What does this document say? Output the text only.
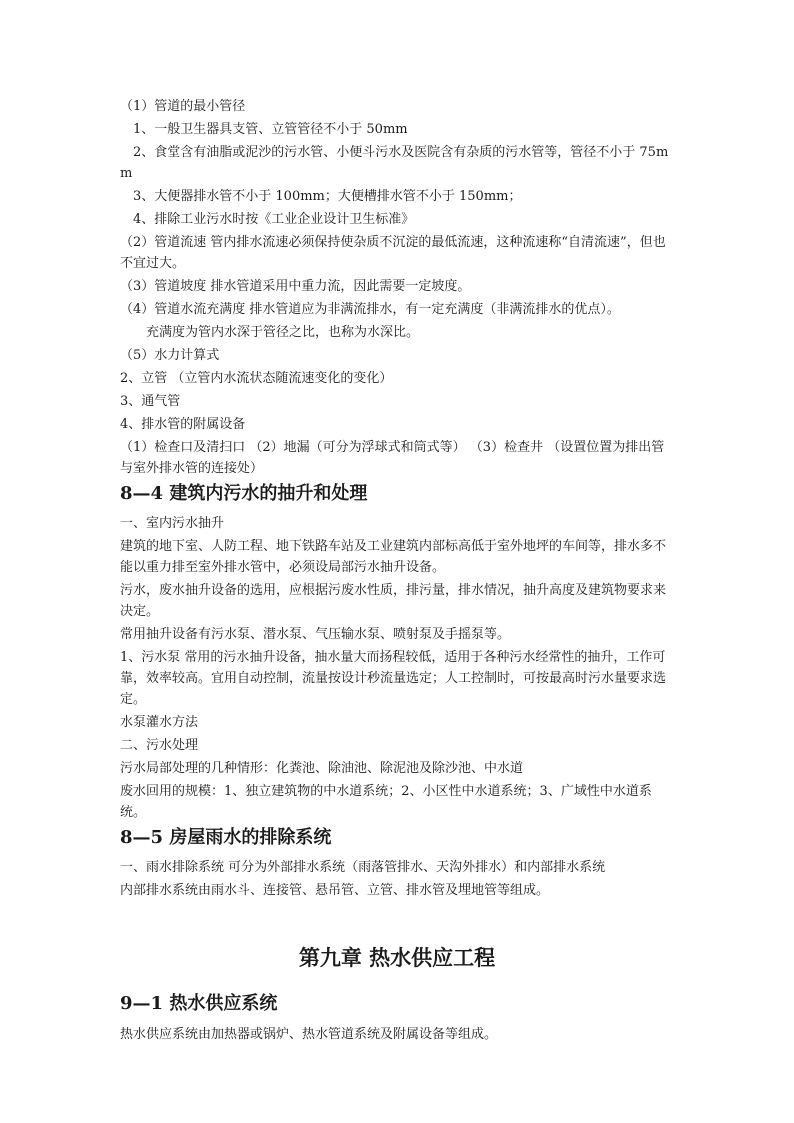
（1）管道的最小管径

1、一般卫生器具支管、立管管径不小于 50mm

2、食堂含有油脂或泥沙的污水管、小便斗污水及医院含有杂质的污水管等，管径不小于 75mm

3、大便器排水管不小于 100mm；大便槽排水管不小于 150mm；

4、排除工业污水时按《工业企业设计卫生标准》

（2）管道流速 管内排水流速必须保持使杂质不沉淀的最低流速，这种流速称“自清流速”，但也不宜过大。

（3）管道坡度 排水管道采用中重力流，因此需要一定坡度。

（4）管道水流充满度 排水管道应为非满流排水，有一定充满度（非满流排水的优点）。

充满度为管内水深于管径之比，也称为水深比。

（5）水力计算式

2、立管 （立管内水流状态随流速变化的变化）

3、通气管

4、排水管的附属设备

（1）检查口及清扫口 （2）地漏（可分为浮球式和筒式等） （3）检查井 （设置位置为排出管与室外排水管的连接处）

8—4 建筑内污水的抽升和处理

一、室内污水抽升

建筑的地下室、人防工程、地下铁路车站及工业建筑内部标高低于室外地坪的车间等，排水多不能以重力排至室外排水管中，必须设局部污水抽升设备。

污水，废水抽升设备的选用，应根据污废水性质，排污量，排水情况，抽升高度及建筑物要求来决定。

常用抽升设备有污水泵、潜水泵、气压输水泵、喷射泵及手摇泵等。

1、污水泵 常用的污水抽升设备，抽水量大而扬程较低，适用于各种污水经常性的抽升，工作可靠，效率较高。宜用自动控制，流量按设计秒流量选定；人工控制时，可按最高时污水量要求选定。

水泵灌水方法

二、污水处理

污水局部处理的几种情形：化粪池、除油池、除泥池及除沙池、中水道

废水回用的规模：1、独立建筑物的中水道系统；2、小区性中水道系统；3、广域性中水道系统。

8—5 房屋雨水的排除系统

一、雨水排除系统 可分为外部排水系统（雨落管排水、天沟外排水）和内部排水系统

内部排水系统由雨水斗、连接管、悬吊管、立管、排水管及埋地管等组成。

第九章 热水供应工程
9—1 热水供应系统

热水供应系统由加热器或锅炉、热水管道系统及附属设备等组成。
